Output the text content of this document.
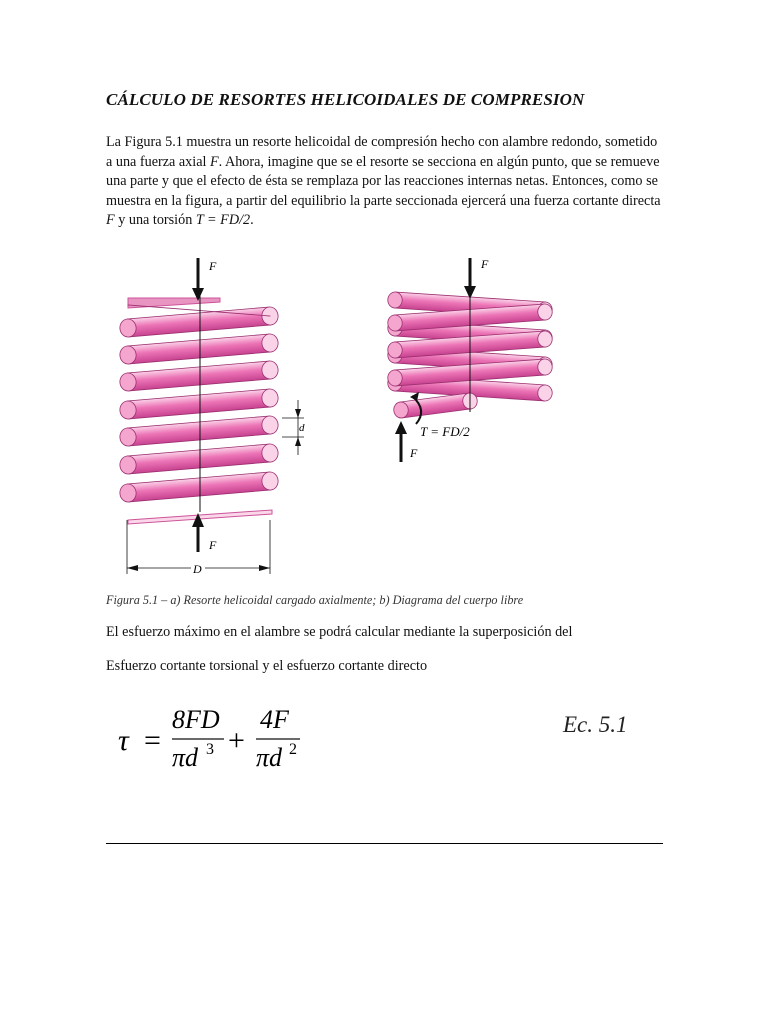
CÁLCULO DE RESORTES HELICOIDALES DE COMPRESION
La Figura 5.1 muestra un resorte helicoidal de compresión hecho con alambre redondo, sometido a una fuerza axial F. Ahora, imagine que se el resorte se secciona en algún punto, que se remueve una parte y que el efecto de ésta se remplaza por las reacciones internas netas. Entonces, como se muestra en la figura, a partir del equilibrio la parte seccionada ejercerá una fuerza cortante directa F y una torsión T = FD/2.
F
F
D
d
F
F
T = FD/2
Figura 5.1 – a) Resorte helicoidal cargado axialmente; b) Diagrama del cuerpo libre
El esfuerzo máximo en el alambre se podrá calcular mediante la superposición del
Esfuerzo cortante torsional y el esfuerzo cortante directo
τ =
8FD
πd 3 +
4F
πd 2
Ec. 5.1
